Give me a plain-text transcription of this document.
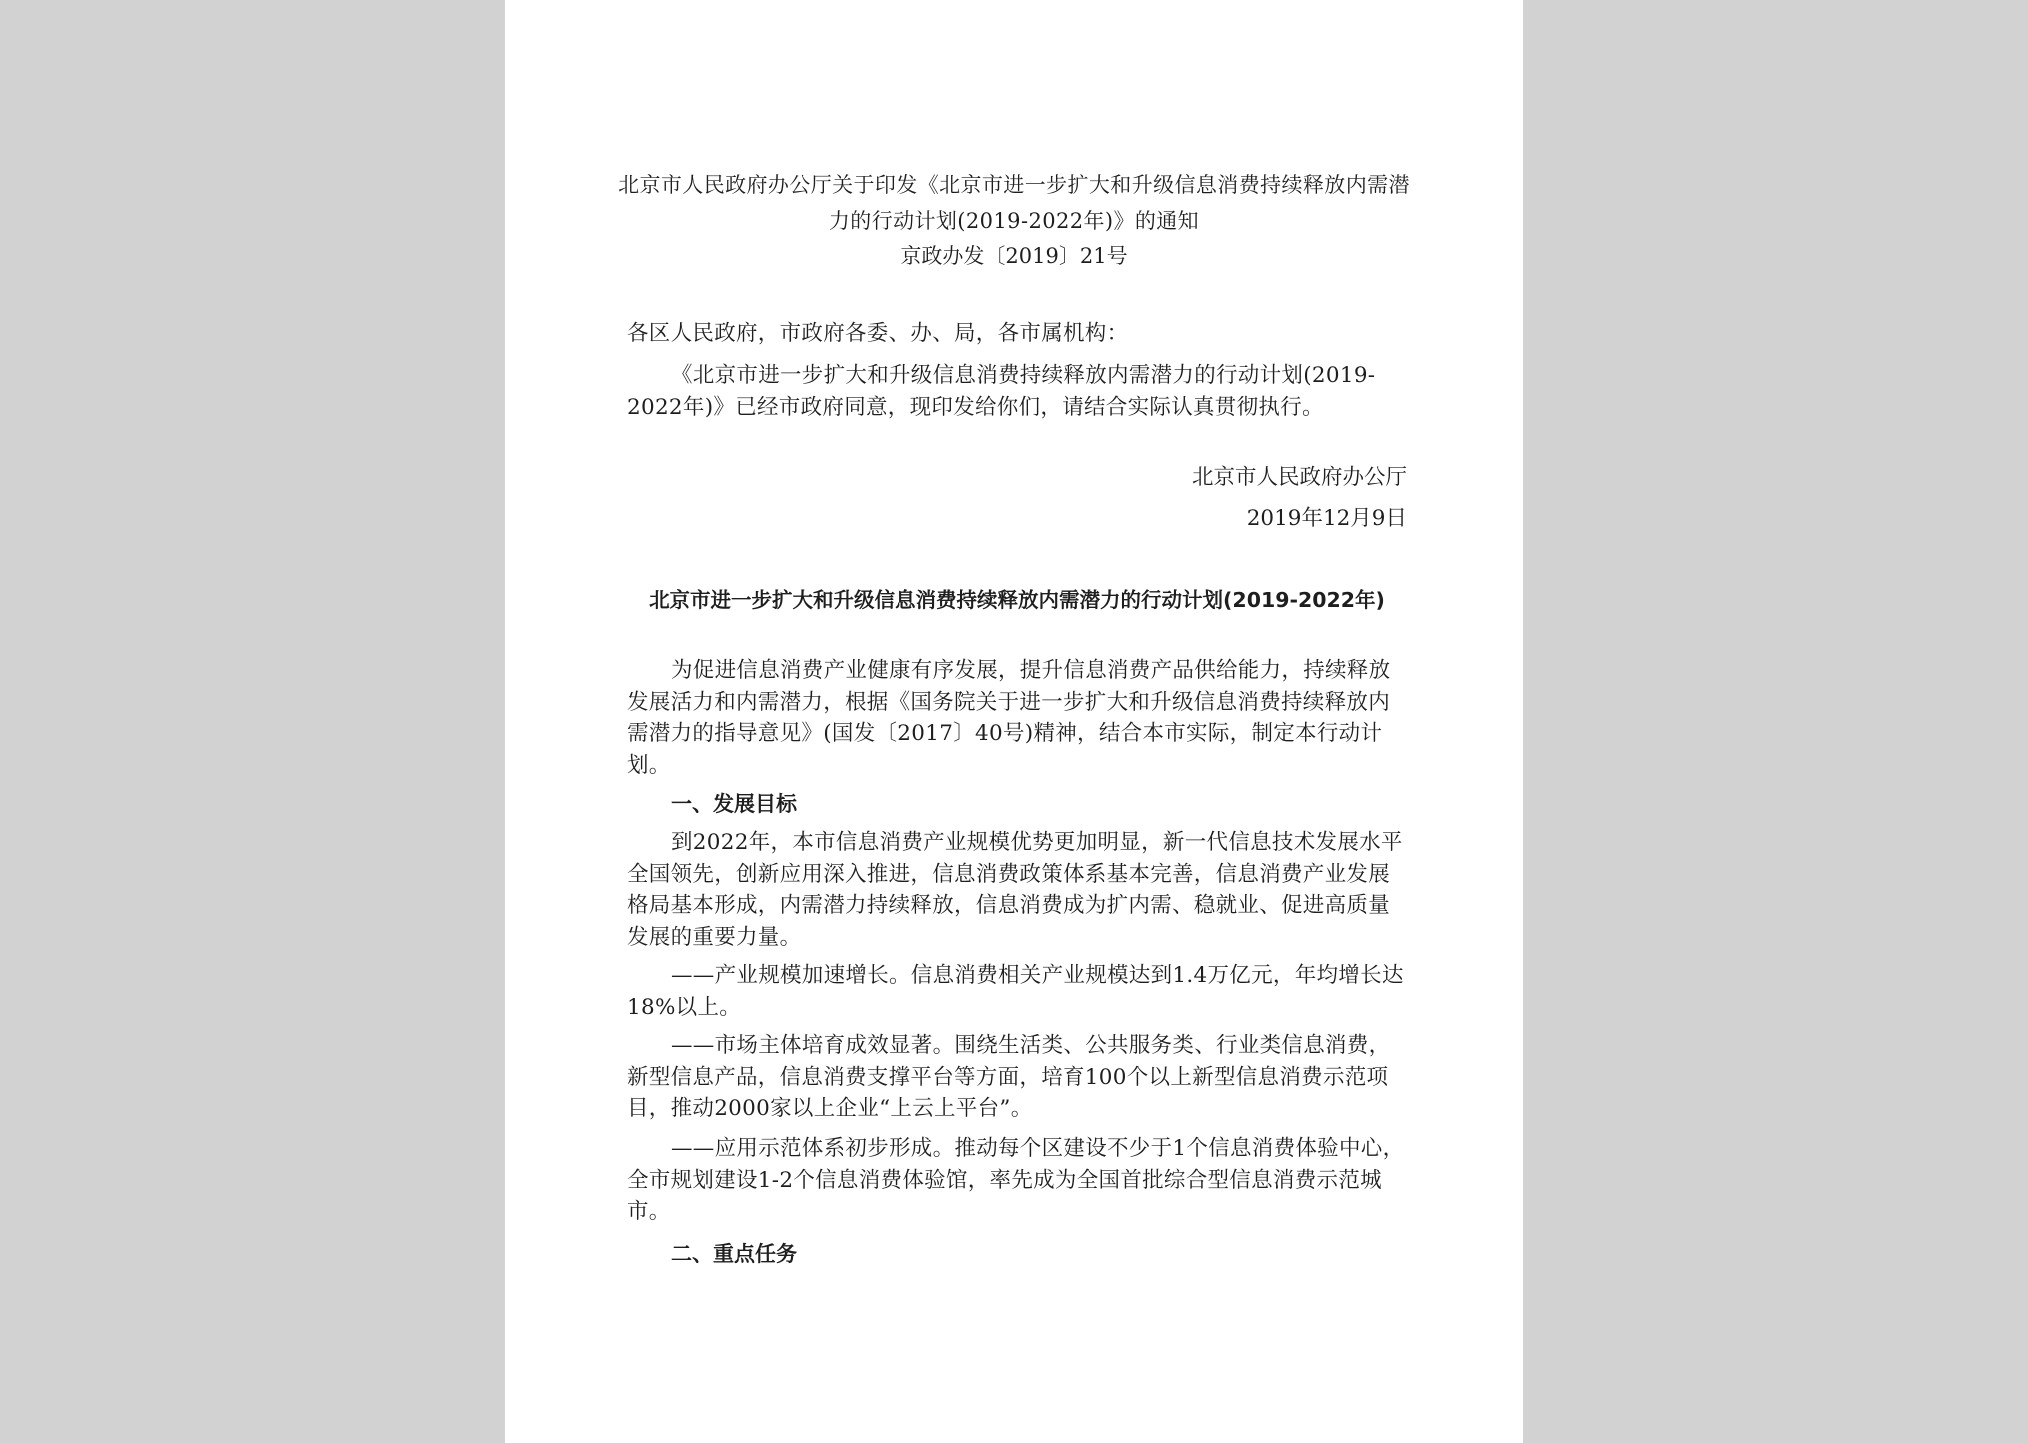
北京市人民政府办公厅关于印发《北京市进一步扩大和升级信息消费持续释放内需潜力的行动计划(2019-2022年)》的通知
京政办发〔2019〕21号
各区人民政府，市政府各委、办、局，各市属机构：
《北京市进一步扩大和升级信息消费持续释放内需潜力的行动计划(2019-2022年)》已经市政府同意，现印发给你们，请结合实际认真贯彻执行。
北京市人民政府办公厅
2019年12月9日
北京市进一步扩大和升级信息消费持续释放内需潜力的行动计划(2019-2022年)
为促进信息消费产业健康有序发展，提升信息消费产品供给能力，持续释放发展活力和内需潜力，根据《国务院关于进一步扩大和升级信息消费持续释放内需潜力的指导意见》(国发〔2017〕40号)精神，结合本市实际，制定本行动计划。
一、发展目标
到2022年，本市信息消费产业规模优势更加明显，新一代信息技术发展水平全国领先，创新应用深入推进，信息消费政策体系基本完善，信息消费产业发展格局基本形成，内需潜力持续释放，信息消费成为扩内需、稳就业、促进高质量发展的重要力量。
——产业规模加速增长。信息消费相关产业规模达到1.4万亿元，年均增长达18%以上。
——市场主体培育成效显著。围绕生活类、公共服务类、行业类信息消费，新型信息产品，信息消费支撑平台等方面，培育100个以上新型信息消费示范项目，推动2000家以上企业“上云上平台”。
——应用示范体系初步形成。推动每个区建设不少于1个信息消费体验中心，全市规划建设1-2个信息消费体验馆，率先成为全国首批综合型信息消费示范城市。
二、重点任务
